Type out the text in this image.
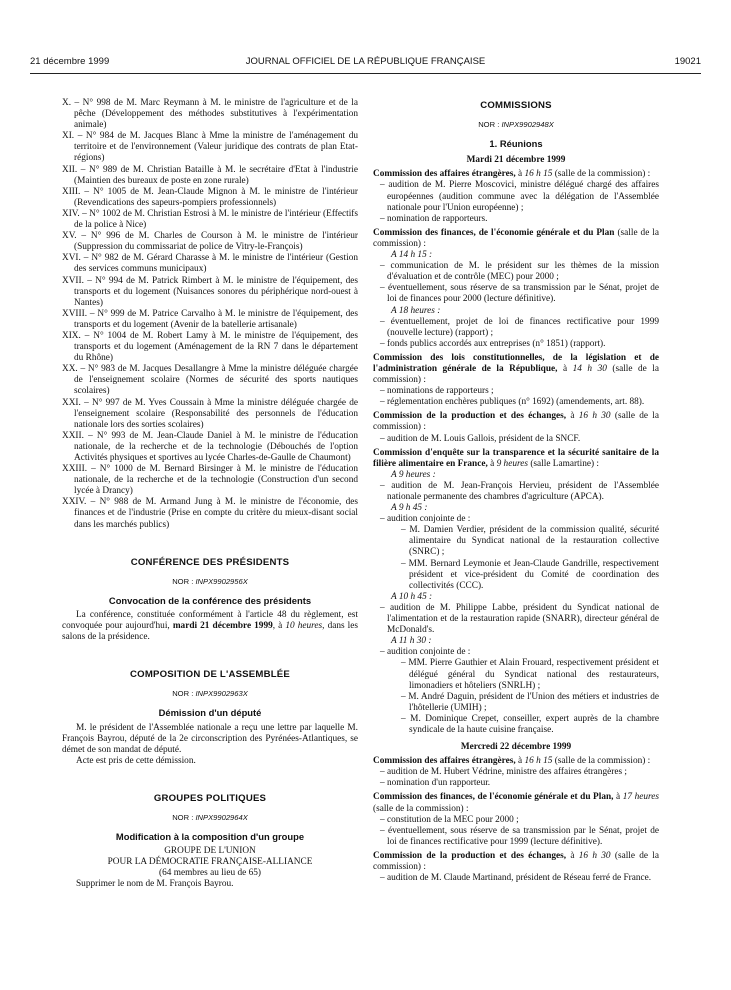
21 décembre 1999	JOURNAL OFFICIEL DE LA RÉPUBLIQUE FRANÇAISE	19021

X. – N° 998 de M. Marc Reymann à M. le ministre de l'agriculture et de la pêche (Développement des méthodes substitutives à l'expérimentation animale)

XI. – N° 984 de M. Jacques Blanc à Mme la ministre de l'aménagement du territoire et de l'environnement (Valeur juridique des contrats de plan Etat-régions)

XII. – N° 989 de M. Christian Bataille à M. le secrétaire d'Etat à l'industrie (Maintien des bureaux de poste en zone rurale)

XIII. – N° 1005 de M. Jean-Claude Mignon à M. le ministre de l'intérieur (Revendications des sapeurs-pompiers professionnels)

XIV. – N° 1002 de M. Christian Estrosi à M. le ministre de l'intérieur (Effectifs de la police à Nice)

XV. – N° 996 de M. Charles de Courson à M. le ministre de l'intérieur (Suppression du commissariat de police de Vitry-le-François)

XVI. – N° 982 de M. Gérard Charasse à M. le ministre de l'intérieur (Gestion des services communs municipaux)

XVII. – N° 994 de M. Patrick Rimbert à M. le ministre de l'équipement, des transports et du logement (Nuisances sonores du périphérique nord-ouest à Nantes)

XVIII. – N° 999 de M. Patrice Carvalho à M. le ministre de l'équipement, des transports et du logement (Avenir de la batellerie artisanale)

XIX. – N° 1004 de M. Robert Lamy à M. le ministre de l'équipement, des transports et du logement (Aménagement de la RN 7 dans le département du Rhône)

XX. – N° 983 de M. Jacques Desallangre à Mme la ministre déléguée chargée de l'enseignement scolaire (Normes de sécurité des sports nautiques scolaires)

XXI. – N° 997 de M. Yves Coussain à Mme la ministre déléguée chargée de l'enseignement scolaire (Responsabilité des personnels de l'éducation nationale lors des sorties scolaires)

XXII. – N° 993 de M. Jean-Claude Daniel à M. le ministre de l'éducation nationale, de la recherche et de la technologie (Débouchés de l'option Activités physiques et sportives au lycée Charles-de-Gaulle de Chaumont)

XXIII. – N° 1000 de M. Bernard Birsinger à M. le ministre de l'éducation nationale, de la recherche et de la technologie (Construction d'un second lycée à Drancy)

XXIV. – N° 988 de M. Armand Jung à M. le ministre de l'économie, des finances et de l'industrie (Prise en compte du critère du mieux-disant social dans les marchés publics)

CONFÉRENCE DES PRÉSIDENTS
NOR : INPX9902956X
Convocation de la conférence des présidents

La conférence, constituée conformément à l'article 48 du règlement, est convoquée pour aujourd'hui, mardi 21 décembre 1999, à 10 heures, dans les salons de la présidence.

COMPOSITION DE L'ASSEMBLÉE
NOR : INPX9902963X
Démission d'un député

M. le président de l'Assemblée nationale a reçu une lettre par laquelle M. François Bayrou, député de la 2e circonscription des Pyrénées-Atlantiques, se démet de son mandat de député.

Acte est pris de cette démission.

GROUPES POLITIQUES
NOR : INPX9902964X
Modification à la composition d'un groupe

GROUPE DE L'UNION

POUR LA DÉMOCRATIE FRANÇAISE-ALLIANCE

(64 membres au lieu de 65)

Supprimer le nom de M. François Bayrou.

COMMISSIONS
NOR : INPX9902948X
1. Réunions
Mardi 21 décembre 1999

Commission des affaires étrangères, à 16 h 15 (salle de la commission) :

– audition de M. Pierre Moscovici, ministre délégué chargé des affaires européennes (audition commune avec la délégation de l'Assemblée nationale pour l'Union européenne) ;

– nomination de rapporteurs.

Commission des finances, de l'économie générale et du Plan (salle de la commission) :

A 14 h 15 :

– communication de M. le président sur les thèmes de la mission d'évaluation et de contrôle (MEC) pour 2000 ;

– éventuellement, sous réserve de sa transmission par le Sénat, projet de loi de finances pour 2000 (lecture définitive).

A 18 heures :

– éventuellement, projet de loi de finances rectificative pour 1999 (nouvelle lecture) (rapport) ;

– fonds publics accordés aux entreprises (n° 1851) (rapport).

Commission des lois constitutionnelles, de la législation et de l'administration générale de la République, à 14 h 30 (salle de la commission) :

– nominations de rapporteurs ;

– réglementation enchères publiques (n° 1692) (amendements, art. 88).

Commission de la production et des échanges, à 16 h 30 (salle de la commission) :

– audition de M. Louis Gallois, président de la SNCF.

Commission d'enquête sur la transparence et la sécurité sanitaire de la filière alimentaire en France, à 9 heures (salle Lamartine) :

A 9 heures :

– audition de M. Jean-François Hervieu, président de l'Assemblée nationale permanente des chambres d'agriculture (APCA).

A 9 h 45 :

– audition conjointe de :

– M. Damien Verdier, président de la commission qualité, sécurité alimentaire du Syndicat national de la restauration collective (SNRC) ;

– MM. Bernard Leymonie et Jean-Claude Gandrille, respectivement président et vice-président du Comité de coordination des collectivités (CCC).

A 10 h 45 :

– audition de M. Philippe Labbe, président du Syndicat national de l'alimentation et de la restauration rapide (SNARR), directeur général de McDonald's.

A 11 h 30 :

– audition conjointe de :

– MM. Pierre Gauthier et Alain Frouard, respectivement président et délégué général du Syndicat national des restaurateurs, limonadiers et hôteliers (SNRLH) ;

– M. André Daguin, président de l'Union des métiers et industries de l'hôtellerie (UMIH) ;

– M. Dominique Crepet, conseiller, expert auprès de la chambre syndicale de la haute cuisine française.

Mercredi 22 décembre 1999

Commission des affaires étrangères, à 16 h 15 (salle de la commission) :

– audition de M. Hubert Védrine, ministre des affaires étrangères ;

– nomination d'un rapporteur.

Commission des finances, de l'économie générale et du Plan, à 17 heures (salle de la commission) :

– constitution de la MEC pour 2000 ;

– éventuellement, sous réserve de sa transmission par le Sénat, projet de loi de finances rectificative pour 1999 (lecture définitive).

Commission de la production et des échanges, à 16 h 30 (salle de la commission) :

– audition de M. Claude Martinand, président de Réseau ferré de France.
